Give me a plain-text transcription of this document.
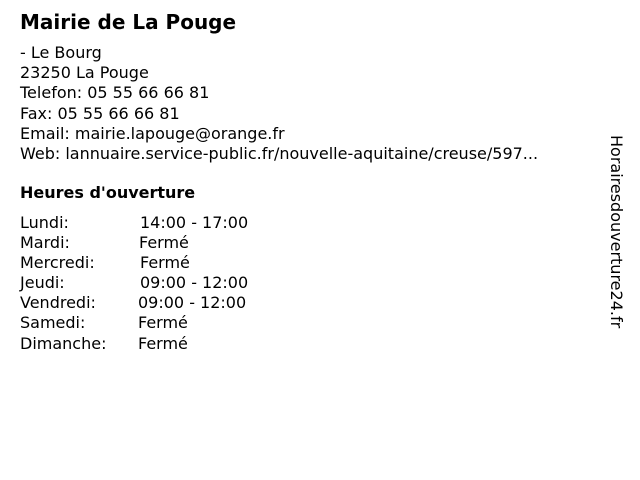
Mairie de La Pouge
- Le Bourg
23250 La Pouge
Telefon: 05 55 66 66 81
Fax: 05 55 66 66 81
Email: mairie.lapouge@orange.fr
Web: lannuaire.service-public.fr/nouvelle-aquitaine/creuse/597...
Heures d'ouverture
Lundi:	14:00 - 17:00
Mardi:	Fermé
Mercredi:	Fermé
Jeudi:	09:00 - 12:00
Vendredi:	09:00 - 12:00
Samedi:	Fermé
Dimanche: Fermé
Horairesdouverture24.fr
